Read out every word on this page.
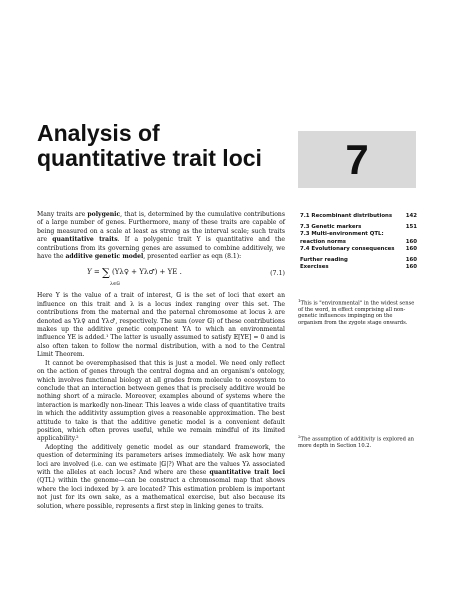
Analysis of quantitative trait loci	7

Many traits are polygenic, that is, determined by the cumulative contributions of a large number of genes. Furthermore, many of these traits are capable of being measured on a scale at least as strong as the interval scale; such traits are quantitative traits. If a polygenic trait Y is quantitative and the contributions from its governing genes are assumed to combine additively, we have the additive genetic model, presented earlier as eqn (8.1):

Y = ∑
λ∈𝔾
(Υλ♀ + Υλ♂) + ΥE .	(7.1)

Here Y is the value of a trait of interest, 𝔾 is the set of loci that exert an influence on this trait and λ is a locus index ranging over this set. The contributions from the maternal and the paternal chromosome at locus λ are denoted as Υλ♀ and Υλ♂, respectively. The sum (over 𝔾) of these contributions makes up the additive genetic component ΥA to which an environmental influence ΥE is added.¹ The latter is usually assumed to satisfy 𝔼[ΥE] = 0 and is also often taken to follow the normal distribution, with a nod to the Central Limit Theorem.

It cannot be overemphasised that this is just a model. We need only reflect on the action of genes through the central dogma and an organism's ontology, which involves functional biology at all grades from molecule to ecosystem to conclude that an interaction between genes that is precisely additive would be nothing short of a miracle. Moreover, examples abound of systems where the interaction is markedly non-linear. This leaves a wide class of quantitative traits in which the additivity assumption gives a reasonable approximation. The best attitude to take is that the additive genetic model is a convenient default position, which often proves useful, while we remain mindful of its limited applicability.²

Adopting the additively genetic model as our standard framework, the question of determining its parameters arises immediately. We ask how many loci are involved (i.e. can we estimate |𝔾|?) What are the values Υλ associated with the alleles at each locus? And where are these quantitative trait loci (QTL) within the genome—can be construct a chromosomal map that shows where the loci indexed by λ are located? This estimation problem is important not just for its own sake, as a mathematical exercise, but also because its solution, where possible, represents a first step in linking genes to traits.

7.1 Recombinant distributions	142
7.3 Genetic markers	151
7.3 Multi-environment QTL: reaction norms	160
7.4 Evolutionary consequences 160
Further reading	160
Exercises	160
$^1$This is "environmental" in the widest sense of the word, in effect comprising all non-genetic influences impinging on the organism from the zygote stage onwards.
$^2$The assumption of additivity is explored an more depth in Section 10.2.
